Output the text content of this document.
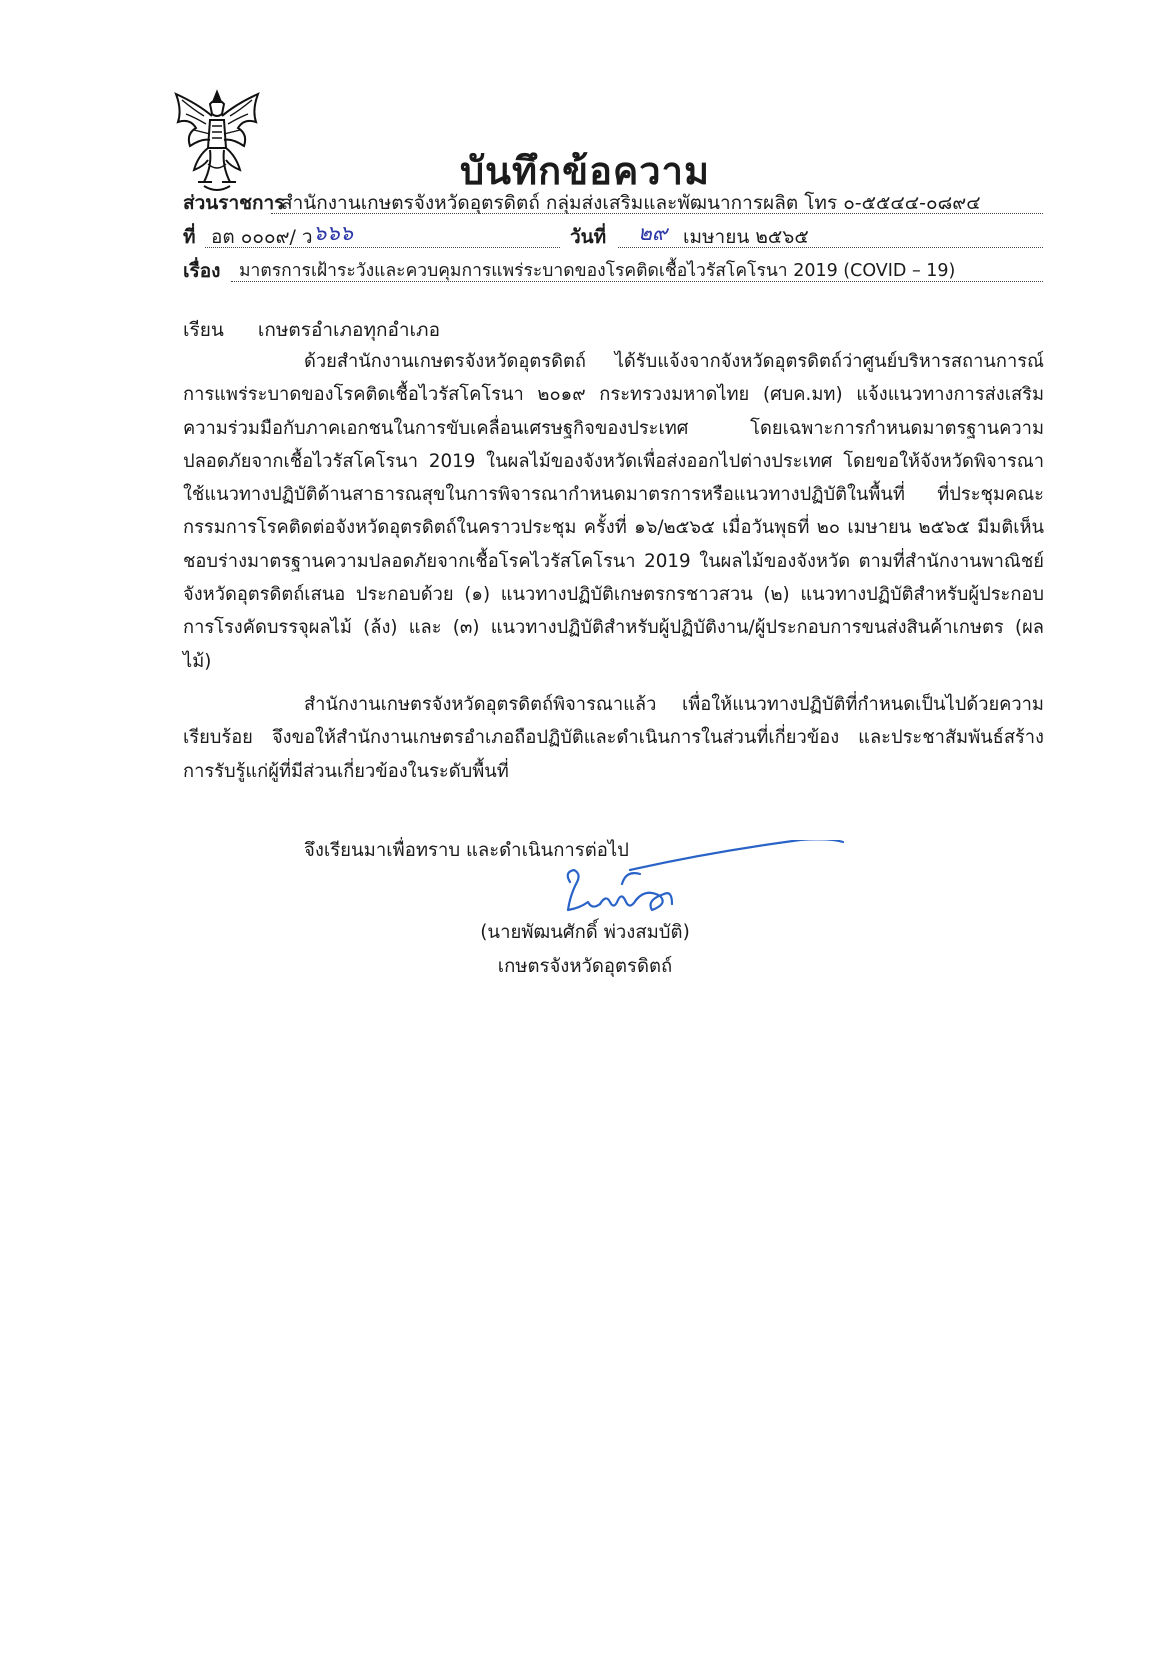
บันทึกข้อความ
ส่วนราชการ
สำนักงานเกษตรจังหวัดอุตรดิตถ์ กลุ่มส่งเสริมและพัฒนาการผลิต โทร ๐-๕๕๔๔-๐๘๙๔
ที่ อต ๐๐๐๙/ ว ๖๖๖	วันที่ ๒๙ เมษายน ๒๕๖๕
เรื่อง มาตรการเฝ้าระวังและควบคุมการแพร่ระบาดของโรคติดเชื้อไวรัสโคโรนา 2019 (COVID – 19)
เรียน เกษตรอำเภอทุกอำเภอ

ด้วยสำนักงานเกษตรจังหวัดอุตรดิตถ์ ได้รับแจ้งจากจังหวัดอุตรดิตถ์ว่าศูนย์บริหารสถานการณ์การแพร่ระบาดของโรคติดเชื้อไวรัสโคโรนา ๒๐๑๙ กระทรวงมหาดไทย (ศบค.มท) แจ้งแนวทางการส่งเสริมความร่วมมือกับภาคเอกชนในการขับเคลื่อนเศรษฐกิจของประเทศ โดยเฉพาะการกำหนดมาตรฐานความปลอดภัยจากเชื้อไวรัสโคโรนา 2019 ในผลไม้ของจังหวัดเพื่อส่งออกไปต่างประเทศ โดยขอให้จังหวัดพิจารณาใช้แนวทางปฏิบัติด้านสาธารณสุขในการพิจารณากำหนดมาตรการหรือแนวทางปฏิบัติในพื้นที่ ที่ประชุมคณะกรรมการโรคติดต่อจังหวัดอุตรดิตถ์ในคราวประชุม ครั้งที่ ๑๖/๒๕๖๕ เมื่อวันพุธที่ ๒๐ เมษายน ๒๕๖๕ มีมติเห็นชอบร่างมาตรฐานความปลอดภัยจากเชื้อโรคไวรัสโคโรนา 2019 ในผลไม้ของจังหวัด ตามที่สำนักงานพาณิชย์จังหวัดอุตรดิตถ์เสนอ ประกอบด้วย (๑) แนวทางปฏิบัติเกษตรกรชาวสวน (๒) แนวทางปฏิบัติสำหรับผู้ประกอบการโรงคัดบรรจุผลไม้ (ล้ง) และ (๓) แนวทางปฏิบัติสำหรับผู้ปฏิบัติงาน/ผู้ประกอบการขนส่งสินค้าเกษตร (ผลไม้)

สำนักงานเกษตรจังหวัดอุตรดิตถ์พิจารณาแล้ว เพื่อให้แนวทางปฏิบัติที่กำหนดเป็นไปด้วยความเรียบร้อย จึงขอให้สำนักงานเกษตรอำเภอถือปฏิบัติและดำเนินการในส่วนที่เกี่ยวข้อง และประชาสัมพันธ์สร้างการรับรู้แก่ผู้ที่มีส่วนเกี่ยวข้องในระดับพื้นที่

จึงเรียนมาเพื่อทราบ และดำเนินการต่อไป
(นายพัฒนศักดิ์ พ่วงสมบัติ)
เกษตรจังหวัดอุตรดิตถ์
